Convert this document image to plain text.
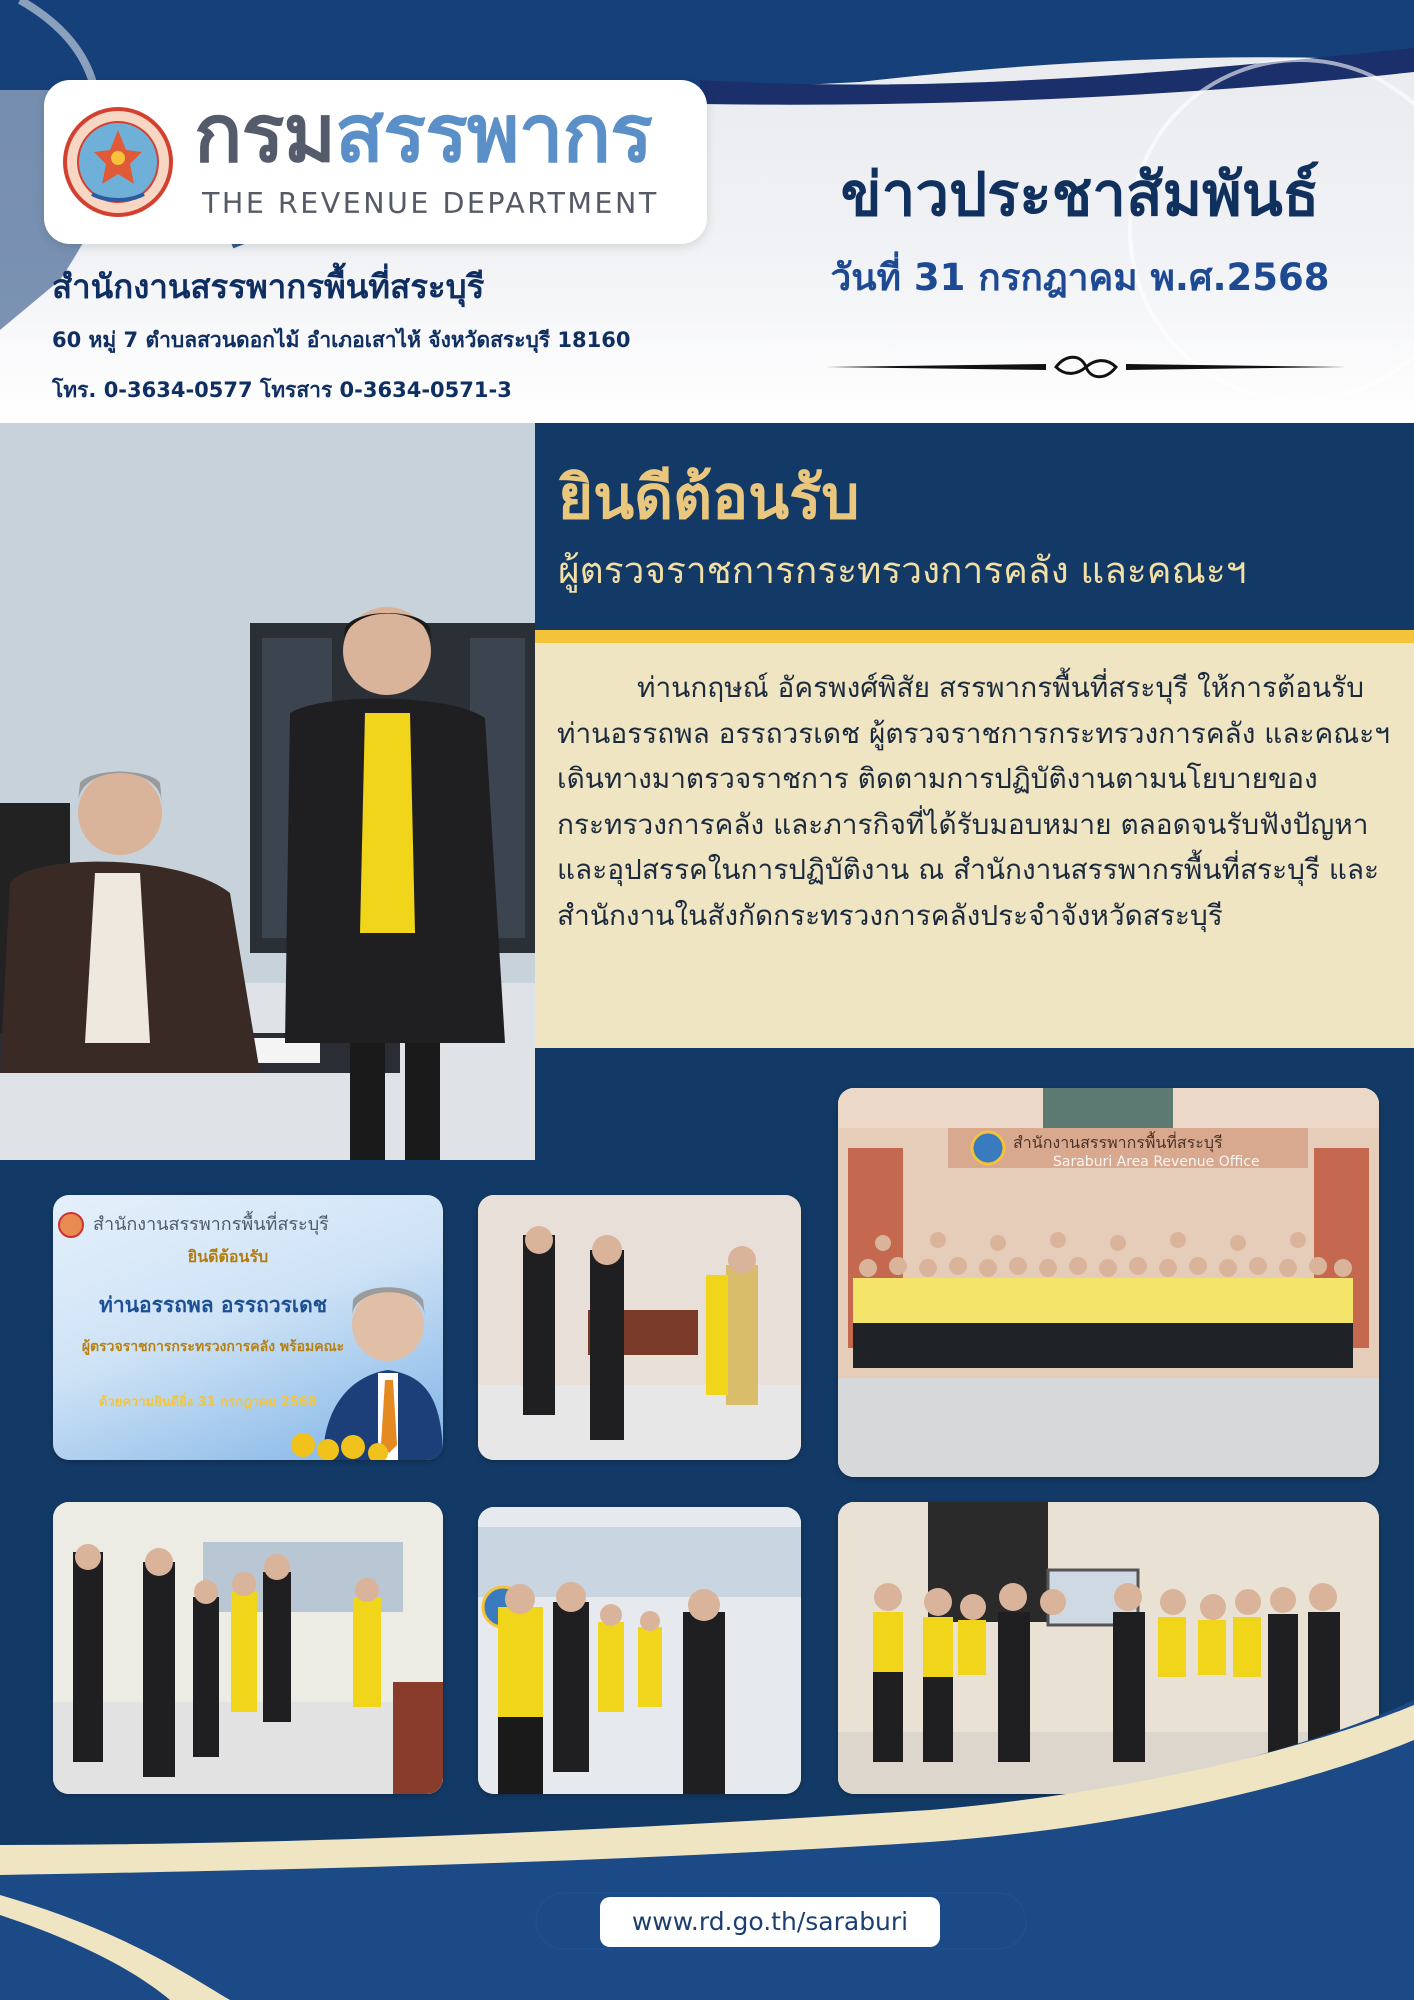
กรมสรรพากร
THE REVENUE DEPARTMENT
สำนักงานสรรพากรพื้นที่สระบุรี
60 หมู่ 7 ตำบลสวนดอกไม้ อำเภอเสาไห้ จังหวัดสระบุรี 18160
โทร. 0-3634-0577 โทรสาร 0-3634-0571-3
ข่าวประชาสัมพันธ์
วันที่ 31 กรกฎาคม พ.ศ.2568
ยินดีต้อนรับ
ผู้ตรวจราชการกระทรวงการคลัง และคณะฯ
ท่านกฤษณ์ อัครพงศ์พิสัย สรรพากรพื้นที่สระบุรี ให้การต้อนรับ ท่านอรรถพล อรรถวรเดช ผู้ตรวจราชการกระทรวงการคลัง และคณะฯ เดินทางมาตรวจราชการ ติดตามการปฏิบัติงานตามนโยบายของกระทรวงการคลัง และภารกิจที่ได้รับมอบหมาย ตลอดจนรับฟังปัญหาและอุปสรรคในการปฏิบัติงาน ณ สำนักงานสรรพากรพื้นที่สระบุรี และสำนักงานในสังกัดกระทรวงการคลังประจำจังหวัดสระบุรี
สำนักงานสรรพากรพื้นที่สระบุรี
ยินดีต้อนรับ
ท่านอรรถพล อรรถวรเดช
ผู้ตรวจราชการกระทรวงการคลัง พร้อมคณะ
ด้วยความยินดียิ่ง 31 กรกฎาคม 2568
สำนักงานสรรพากรพื้นที่สระบุรี
Saraburi Area Revenue Office
www.rd.go.th/saraburi
